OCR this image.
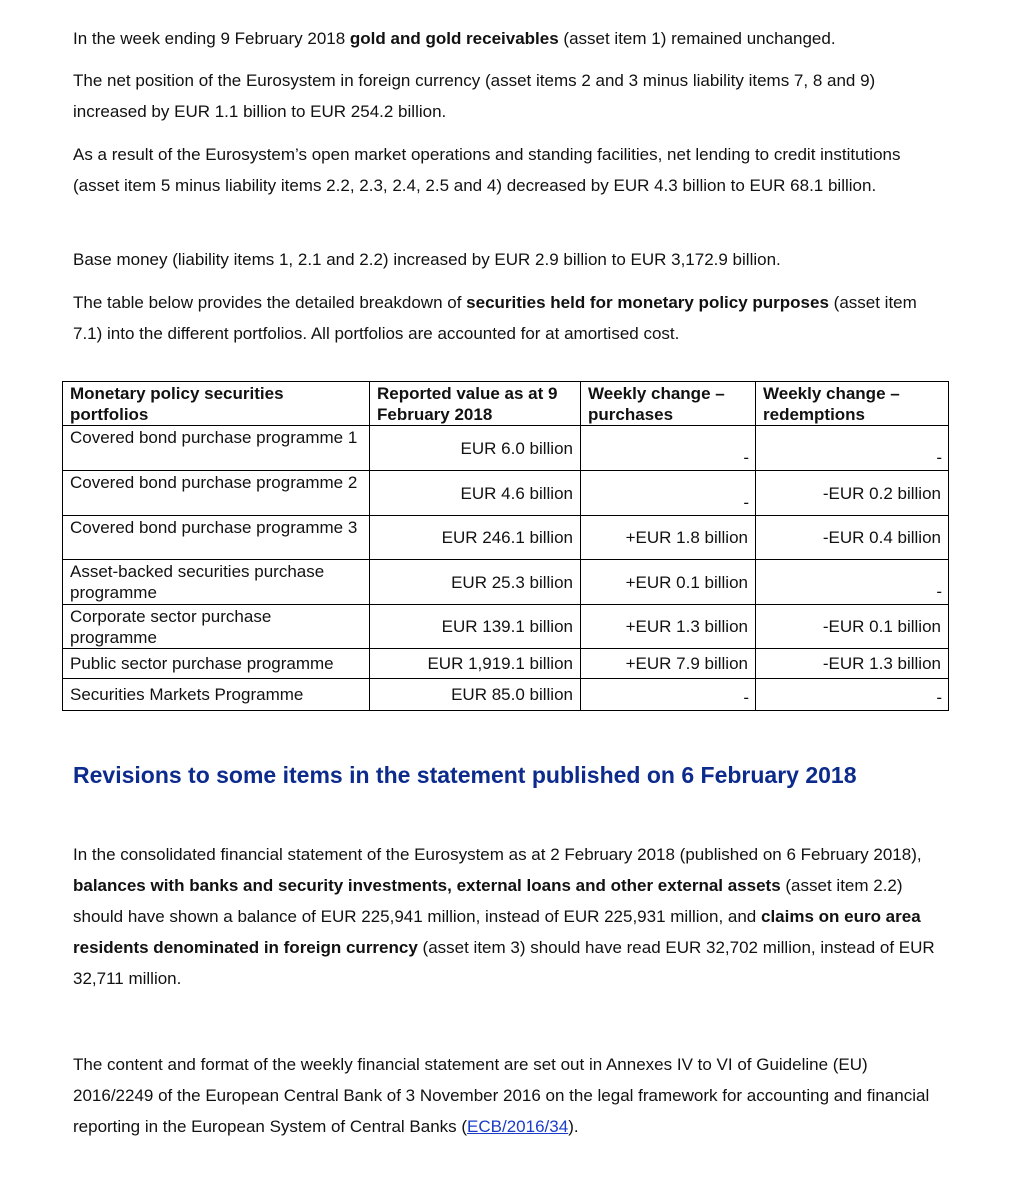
In the week ending 9 February 2018 gold and gold receivables (asset item 1) remained unchanged.

The net position of the Eurosystem in foreign currency (asset items 2 and 3 minus liability items 7, 8 and 9) increased by EUR 1.1 billion to EUR 254.2 billion.

As a result of the Eurosystem’s open market operations and standing facilities, net lending to credit institutions (asset item 5 minus liability items 2.2, 2.3, 2.4, 2.5 and 4) decreased by EUR 4.3 billion to EUR 68.1 billion.

Base money (liability items 1, 2.1 and 2.2) increased by EUR 2.9 billion to EUR 3,172.9 billion.

The table below provides the detailed breakdown of securities held for monetary policy purposes (asset item 7.1) into the different portfolios. All portfolios are accounted for at amortised cost.

Monetary policy securities portfolios	Reported value as at 9 February 2018	Weekly change – purchases	Weekly change – redemptions
Covered bond purchase programme 1	EUR 6.0 billion	-	-
Covered bond purchase programme 2	EUR 4.6 billion	-	-EUR 0.2 billion
Covered bond purchase programme 3	EUR 246.1 billion	+EUR 1.8 billion	-EUR 0.4 billion
Asset-backed securities purchase programme	EUR 25.3 billion	+EUR 0.1 billion	-
Corporate sector purchase programme	EUR 139.1 billion	+EUR 1.3 billion	-EUR 0.1 billion
Public sector purchase programme	EUR 1,919.1 billion	+EUR 7.9 billion	-EUR 1.3 billion
Securities Markets Programme	EUR 85.0 billion	-	-
Revisions to some items in the statement published on 6 February 2018

In the consolidated financial statement of the Eurosystem as at 2 February 2018 (published on 6 February 2018), balances with banks and security investments, external loans and other external assets (asset item 2.2) should have shown a balance of EUR 225,941 million, instead of EUR 225,931 million, and claims on euro area residents denominated in foreign currency (asset item 3) should have read EUR 32,702 million, instead of EUR 32,711 million.

The content and format of the weekly financial statement are set out in Annexes IV to VI of Guideline (EU) 2016/2249 of the European Central Bank of 3 November 2016 on the legal framework for accounting and financial reporting in the European System of Central Banks (ECB/2016/34).
